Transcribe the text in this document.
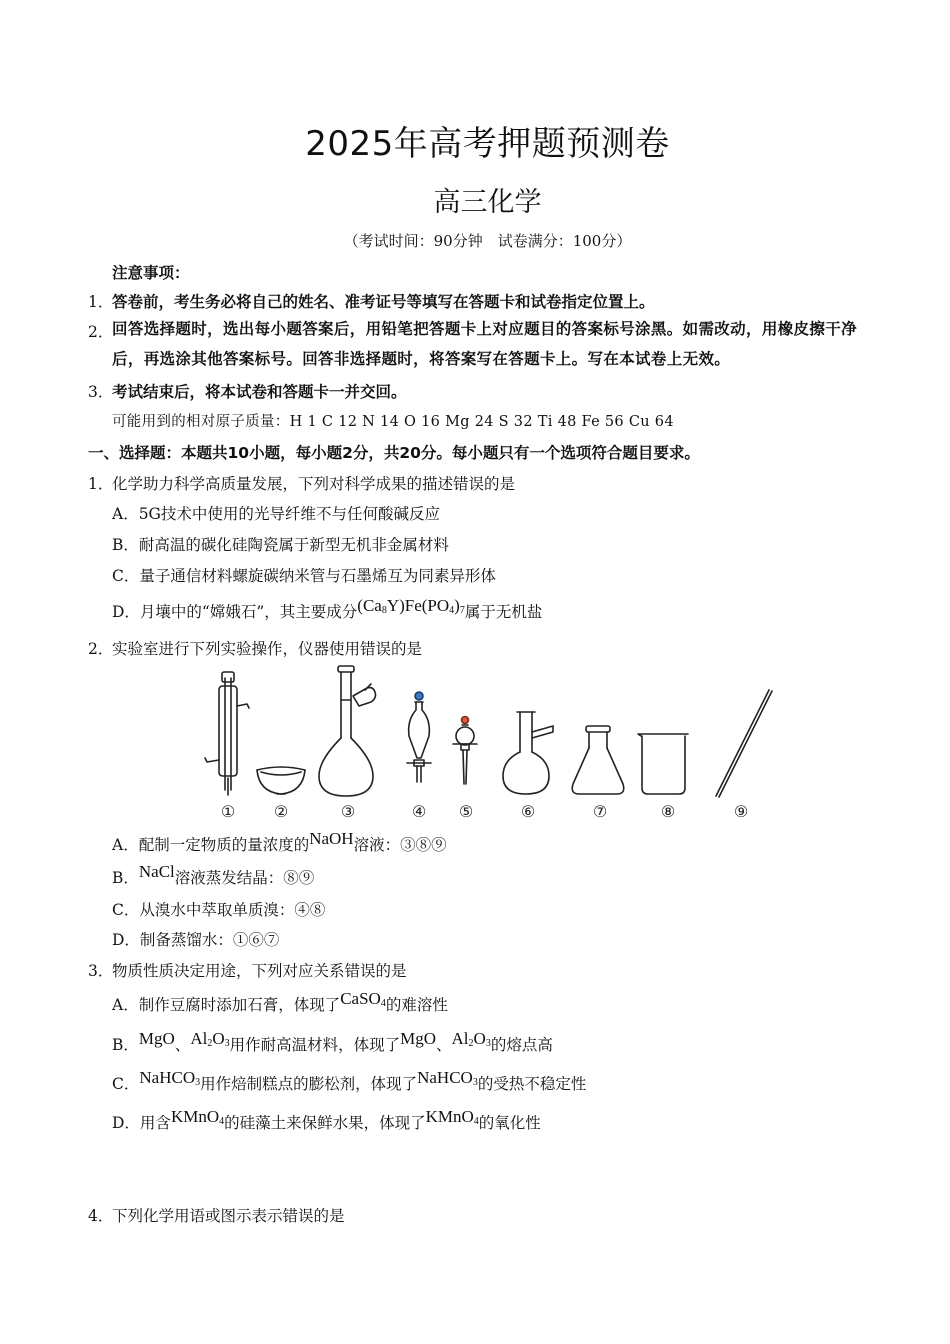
2025年高考押题预测卷
高三化学
（考试时间：90分钟　试卷满分：100分）
注意事项：
1．
答卷前，考生务必将自己的姓名、准考证号等填写在答题卡和试卷指定位置上。
2．
回答选择题时，选出每小题答案后，用铅笔把答题卡上对应题目的答案标号涂黑。如需改动，用橡皮擦干净后，再选涂其他答案标号。回答非选择题时，将答案写在答题卡上。写在本试卷上无效。
3．
考试结束后，将本试卷和答题卡一并交回。
可能用到的相对原子质量：H 1 C 12 N 14 O 16 Mg 24 S 32 Ti 48 Fe 56 Cu 64
一、选择题：本题共10小题，每小题2分，共20分。每小题只有一个选项符合题目要求。
1．
化学助力科学高质量发展，下列对科学成果的描述错误的是
A．5G技术中使用的光导纤维不与任何酸碱反应
B．耐高温的碳化硅陶瓷属于新型无机非金属材料
C．量子通信材料螺旋碳纳米管与石墨烯互为同素异形体
D．月壤中的“嫦娥石”，其主要成分$(Ca_8Y)Fe(PO_4)_7$属于无机盐
2．
实验室进行下列实验操作，仪器使用错误的是
① ②	③	④ ⑤	⑥	⑦	⑧	⑨
A．配制一定物质的量浓度的NaOH溶液：③⑧⑨
B．NaCl溶液蒸发结晶：⑧⑨
C．从溴水中萃取单质溴：④⑧
D．制备蒸馏水：①⑥⑦
3．
物质性质决定用途，下列对应关系错误的是
A．制作豆腐时添加石膏，体现了CaSO$_4$的难溶性
B．MgO、$Al_2O_3$用作耐高温材料，体现了MgO、$Al_2O_3$的熔点高
C．NaHCO$_3$用作焙制糕点的膨松剂，体现了NaHCO$_3$的受热不稳定性
D．用含KMnO$_4$的硅藻土来保鲜水果，体现了KMnO$_4$的氧化性
4．
下列化学用语或图示表示错误的是
